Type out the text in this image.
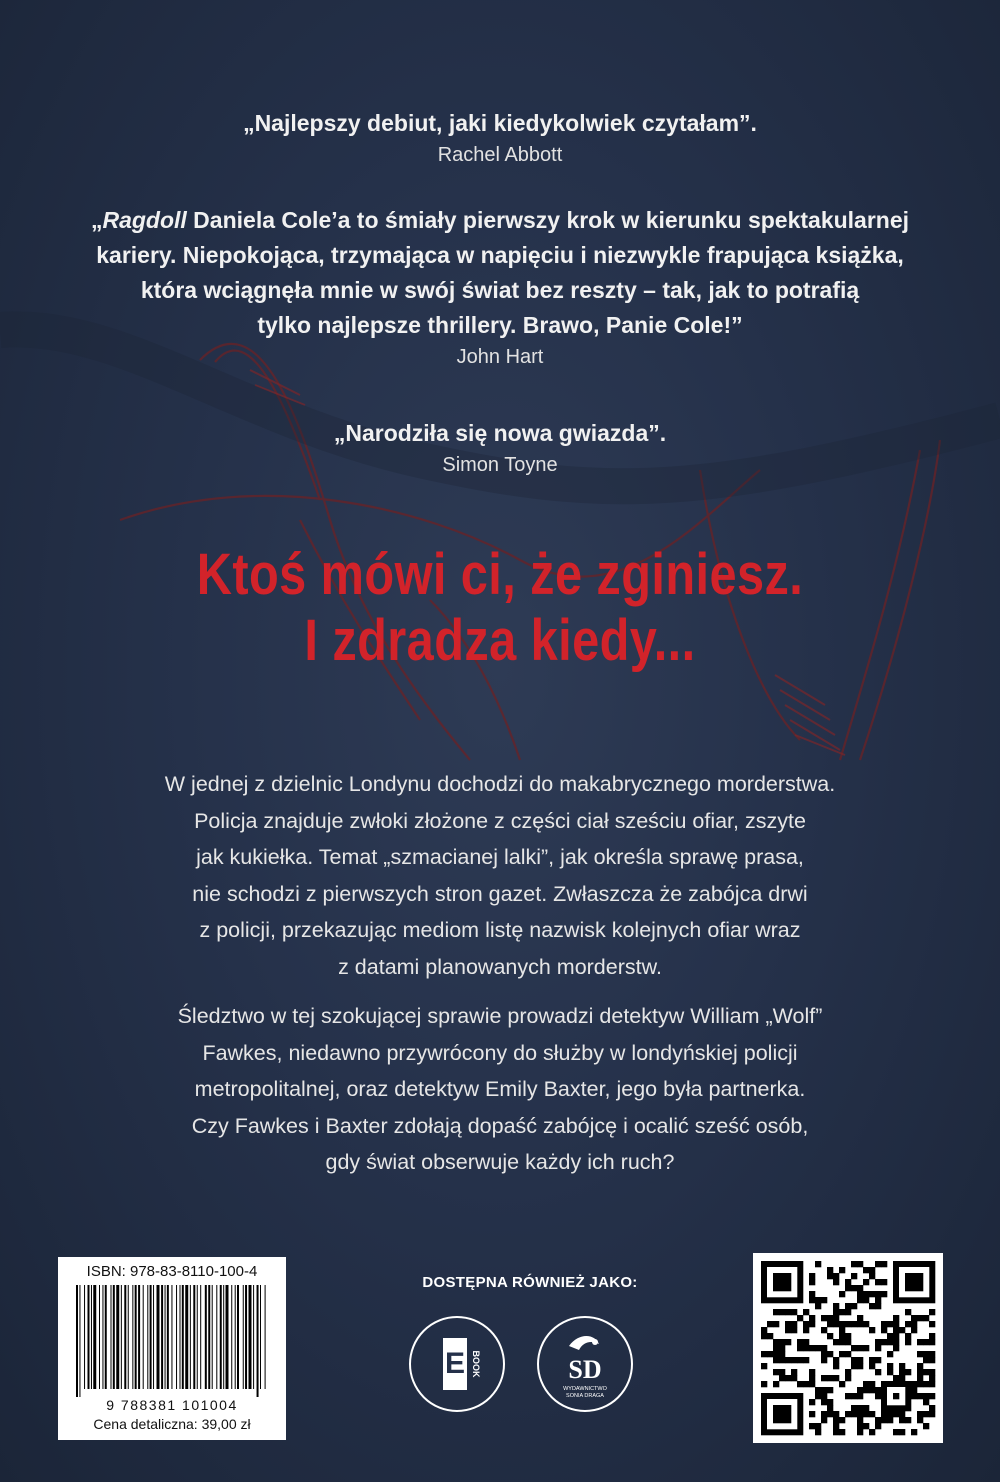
„Najlepszy debiut, jaki kiedykolwiek czytałam”.
Rachel Abbott
„Ragdoll Daniela Cole’a to śmiały pierwszy krok w kierunku spektakularnej
kariery. Niepokojąca, trzymająca w napięciu i niezwykle frapująca książka,
która wciągnęła mnie w swój świat bez reszty – tak, jak to potrafią
tylko najlepsze thrillery. Brawo, Panie Cole!”
John Hart
„Narodziła się nowa gwiazda”.
Simon Toyne
Ktoś mówi ci, że zginiesz.
I zdradza kiedy...
W jednej z dzielnic Londynu dochodzi do makabrycznego morderstwa.
Policja znajduje zwłoki złożone z części ciał sześciu ofiar, zszyte
jak kukiełka. Temat „szmacianej lalki”, jak określa sprawę prasa,
nie schodzi z pierwszych stron gazet. Zwłaszcza że zabójca drwi
z policji, przekazując mediom listę nazwisk kolejnych ofiar wraz
z datami planowanych morderstw.
Śledztwo w tej szokującej sprawie prowadzi detektyw William „Wolf”
Fawkes, niedawno przywrócony do służby w londyńskiej policji
metropolitalnej, oraz detektyw Emily Baxter, jego była partnerka.
Czy Fawkes i Baxter zdołają dopaść zabójcę i ocalić sześć osób,
gdy świat obserwuje każdy ich ruch?
ISBN: 978-83-8110-100-4
9 788381 101004
Cena detaliczna: 39,00 zł
DOSTĘPNA RÓWNIEŻ JAKO:
E BOOK	SD
WYDAWNICTWO
SONIA DRAGA
